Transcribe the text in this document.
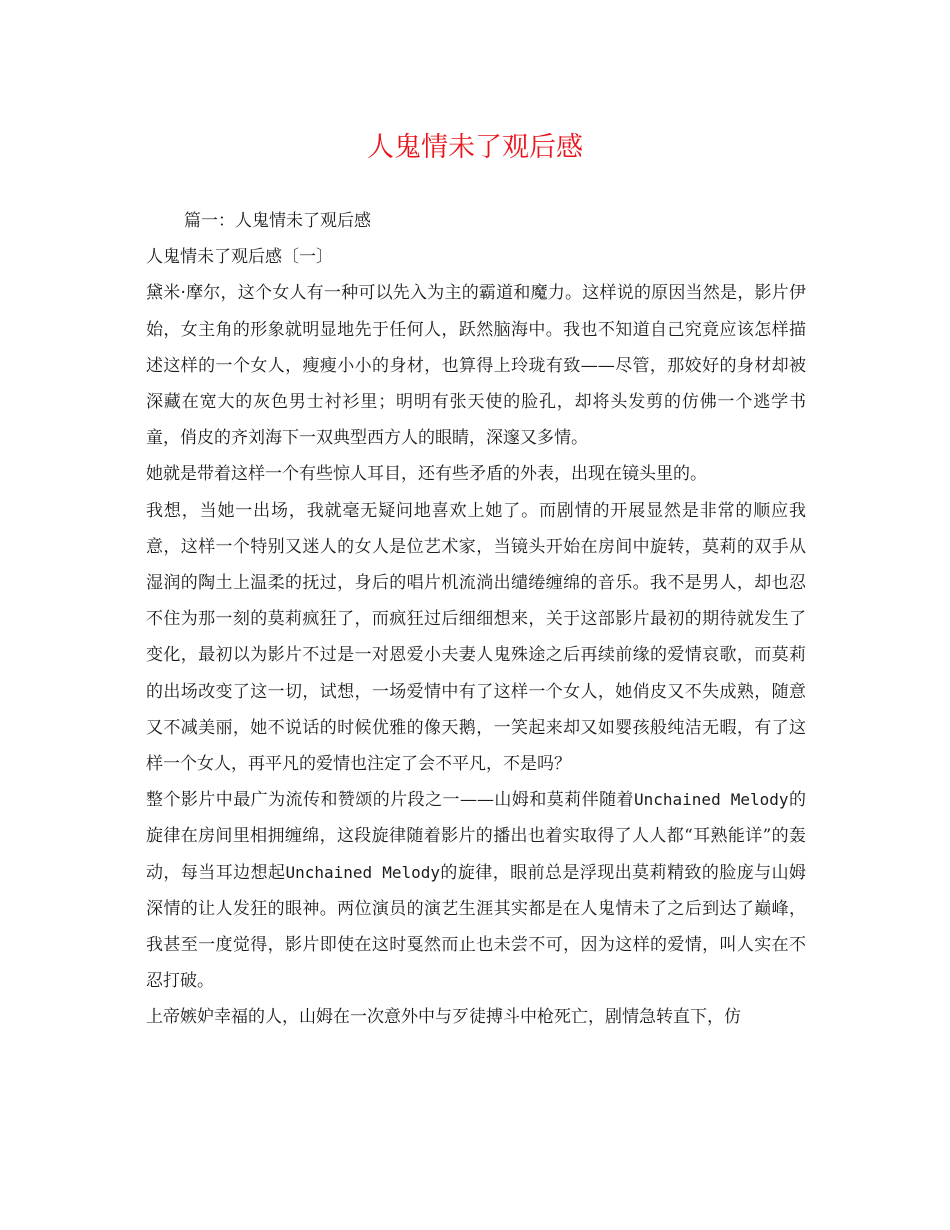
人鬼情未了观后感

篇一：人鬼情未了观后感

人鬼情未了观后感〔一〕

黛米·摩尔，这个女人有一种可以先入为主的霸道和魔力。这样说的原因当然是，影片伊始，女主角的形象就明显地先于任何人，跃然脑海中。我也不知道自己究竟应该怎样描述这样的一个女人，瘦瘦小小的身材，也算得上玲珑有致——尽管，那姣好的身材却被深藏在宽大的灰色男士衬衫里；明明有张天使的脸孔，却将头发剪的仿佛一个逃学书童，俏皮的齐刘海下一双典型西方人的眼睛，深邃又多情。

她就是带着这样一个有些惊人耳目，还有些矛盾的外表，出现在镜头里的。

我想，当她一出场，我就毫无疑问地喜欢上她了。而剧情的开展显然是非常的顺应我意，这样一个特别又迷人的女人是位艺术家，当镜头开始在房间中旋转，莫莉的双手从湿润的陶土上温柔的抚过，身后的唱片机流淌出缱绻缠绵的音乐。我不是男人，却也忍不住为那一刻的莫莉疯狂了，而疯狂过后细细想来，关于这部影片最初的期待就发生了变化，最初以为影片不过是一对恩爱小夫妻人鬼殊途之后再续前缘的爱情哀歌，而莫莉的出场改变了这一切，试想，一场爱情中有了这样一个女人，她俏皮又不失成熟，随意又不减美丽，她不说话的时候优雅的像天鹅，一笑起来却又如婴孩般纯洁无暇，有了这样一个女人，再平凡的爱情也注定了会不平凡，不是吗？

整个影片中最广为流传和赞颂的片段之一——山姆和莫莉伴随着Unchained Melody的旋律在房间里相拥缠绵，这段旋律随着影片的播出也着实取得了人人都“耳熟能详”的轰动，每当耳边想起Unchained Melody的旋律，眼前总是浮现出莫莉精致的脸庞与山姆深情的让人发狂的眼神。两位演员的演艺生涯其实都是在人鬼情未了之后到达了巅峰，我甚至一度觉得，影片即使在这时戛然而止也未尝不可，因为这样的爱情，叫人实在不忍打破。

上帝嫉妒幸福的人，山姆在一次意外中与歹徒搏斗中枪死亡，剧情急转直下，仿
